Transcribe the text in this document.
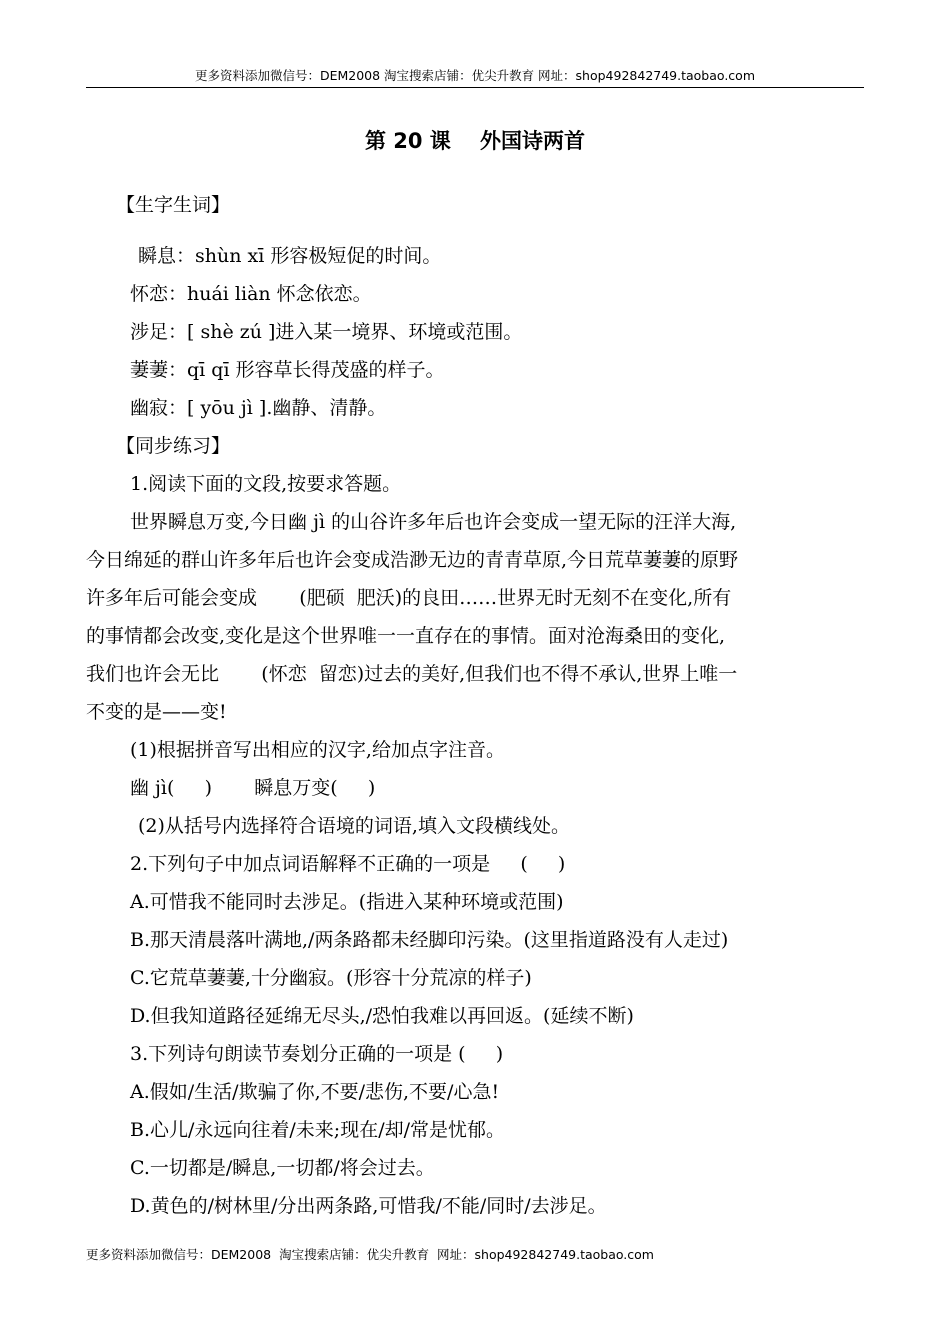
更多资料添加微信号：DEM2008 淘宝搜索店铺：优尖升教育 网址：shop492842749.taobao.com
第 20 课    外国诗两首
【生字生词】
瞬息：shùn xī 形容极短促的时间。
怀恋：huái liàn 怀念依恋。
涉足：[ shè zú ]进入某一境界、环境或范围。
萋萋：qī qī 形容草长得茂盛的样子。
幽寂：[ yōu jì ].幽静、清静。
【同步练习】
1.阅读下面的文段,按要求答题。
世界瞬息万变,今日幽 jì 的山谷许多年后也许会变成一望无际的汪洋大海,
今日绵延的群山许多年后也许会变成浩渺无边的青青草原,今日荒草萋萋的原野
许多年后可能会变成       (肥硕  肥沃)的良田……世界无时无刻不在变化,所有
的事情都会改变,变化是这个世界唯一一直存在的事情。面对沧海桑田的变化,
我们也许会无比       (怀恋  留恋)过去的美好,但我们也不得不承认,世界上唯一
不变的是——变!
(1)根据拼音写出相应的汉字,给加点字注音。
幽 jì(     )       瞬息万变(     )
(2)从括号内选择符合语境的词语,填入文段横线处。
2.下列句子中加点词语解释不正确的一项是     (     )
A.可惜我不能同时去涉足。(指进入某种环境或范围)
B.那天清晨落叶满地,/两条路都未经脚印污染。(这里指道路没有人走过)
C.它荒草萋萋,十分幽寂。(形容十分荒凉的样子)
D.但我知道路径延绵无尽头,/恐怕我难以再回返。(延续不断)
3.下列诗句朗读节奏划分正确的一项是 (     )
A.假如/生活/欺骗了你,不要/悲伤,不要/心急!
B.心儿/永远向往着/未来;现在/却/常是忧郁。
C.一切都是/瞬息,一切都/将会过去。
D.黄色的/树林里/分出两条路,可惜我/不能/同时/去涉足。
更多资料添加微信号：DEM2008  淘宝搜索店铺：优尖升教育  网址：shop492842749.taobao.com
